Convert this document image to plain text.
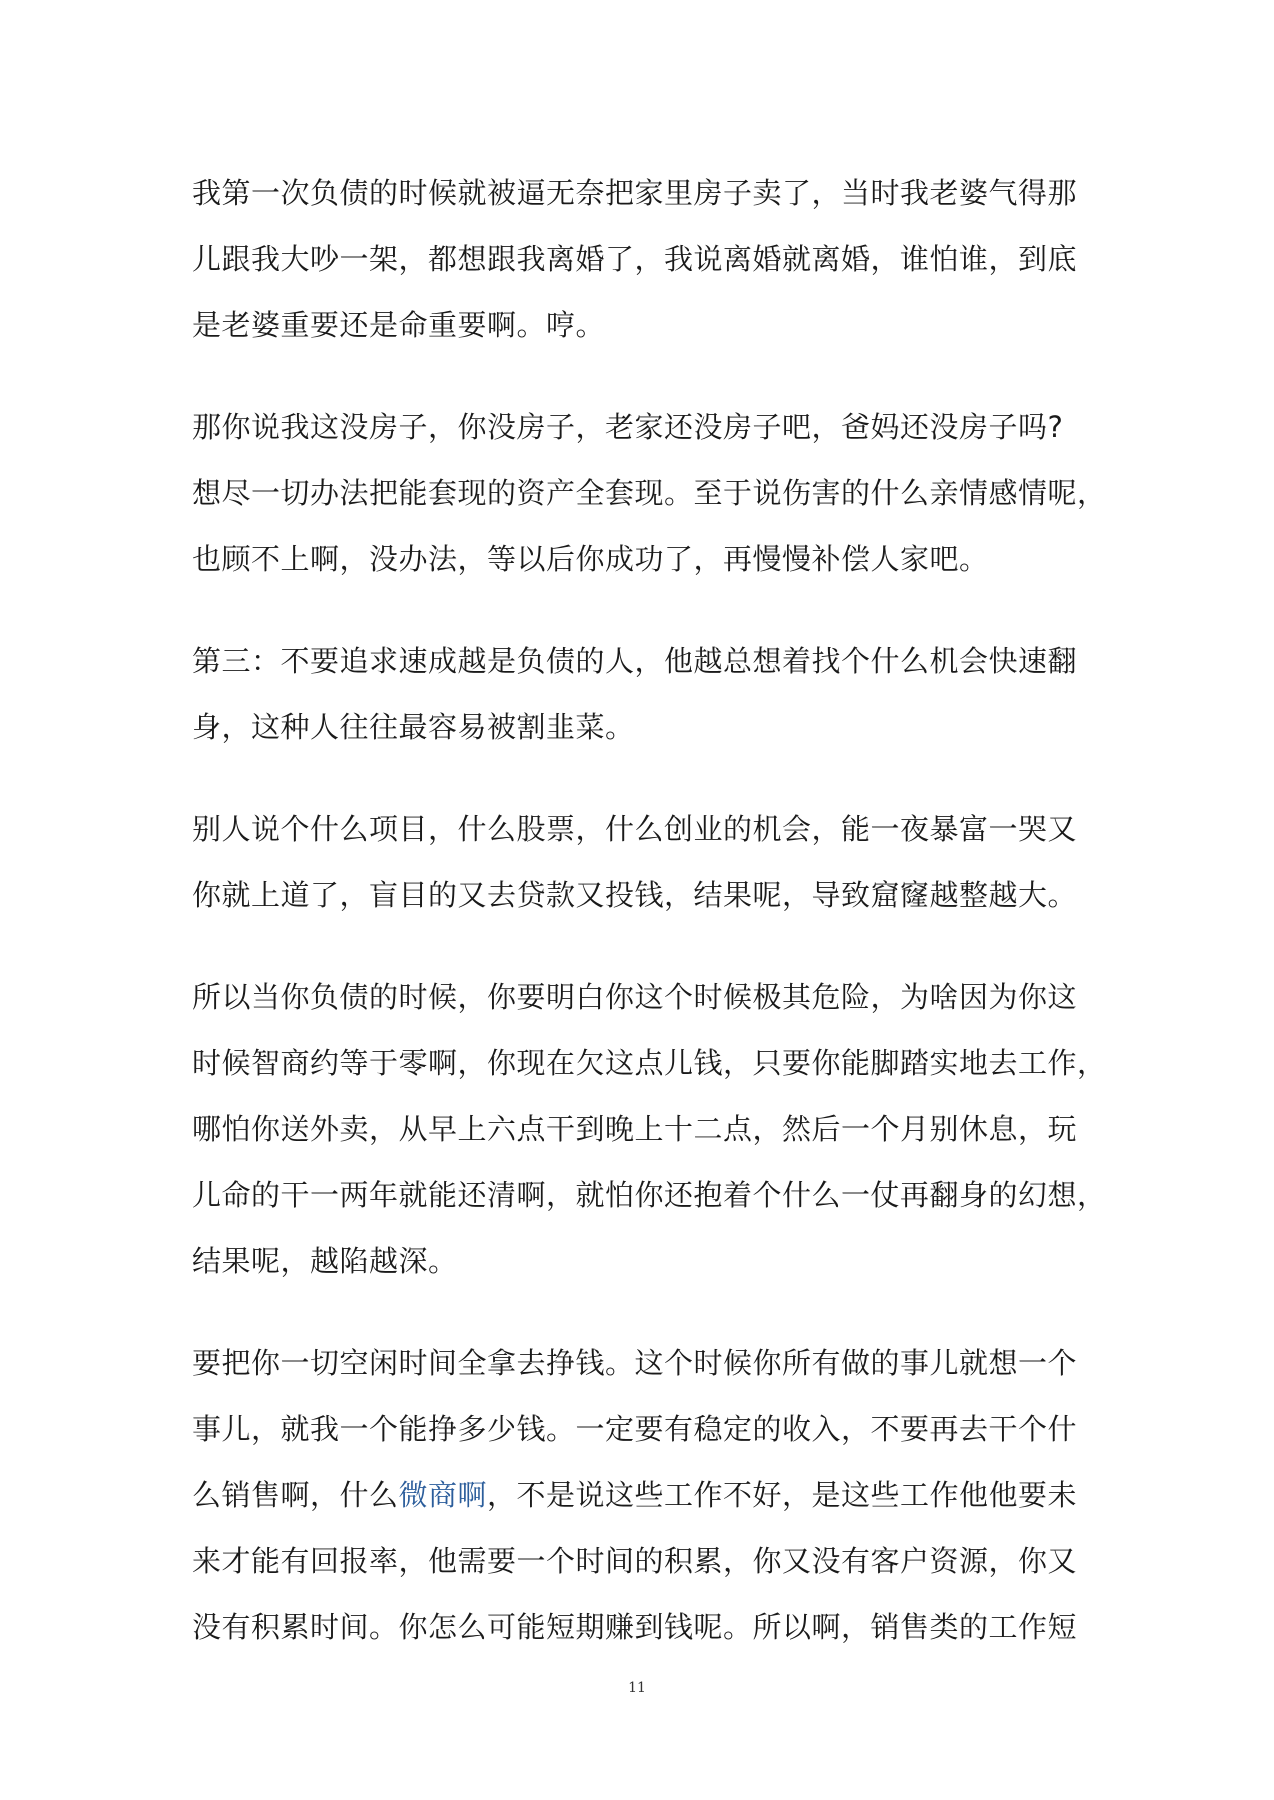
我第一次负债的时候就被逼无奈把家里房子卖了，当时我老婆气得那
儿跟我大吵一架，都想跟我离婚了，我说离婚就离婚，谁怕谁，到底
是老婆重要还是命重要啊。哼。

那你说我这没房子，你没房子，老家还没房子吧，爸妈还没房子吗?
想尽一切办法把能套现的资产全套现。至于说伤害的什么亲情感情呢，
也顾不上啊，没办法，等以后你成功了，再慢慢补偿人家吧。

第三：不要追求速成越是负债的人，他越总想着找个什么机会快速翻
身，这种人往往最容易被割韭菜。

别人说个什么项目，什么股票，什么创业的机会，能一夜暴富一哭又
你就上道了，盲目的又去贷款又投钱，结果呢，导致窟窿越整越大。

所以当你负债的时候，你要明白你这个时候极其危险，为啥因为你这
时候智商约等于零啊，你现在欠这点儿钱，只要你能脚踏实地去工作，
哪怕你送外卖，从早上六点干到晚上十二点，然后一个月别休息，玩
儿命的干一两年就能还清啊，就怕你还抱着个什么一仗再翻身的幻想，
结果呢，越陷越深。

要把你一切空闲时间全拿去挣钱。这个时候你所有做的事儿就想一个
事儿，就我一个能挣多少钱。一定要有稳定的收入，不要再去干个什
么销售啊，什么微商啊，不是说这些工作不好，是这些工作他他要未
来才能有回报率，他需要一个时间的积累，你又没有客户资源，你又
没有积累时间。你怎么可能短期赚到钱呢。所以啊，销售类的工作短

11
